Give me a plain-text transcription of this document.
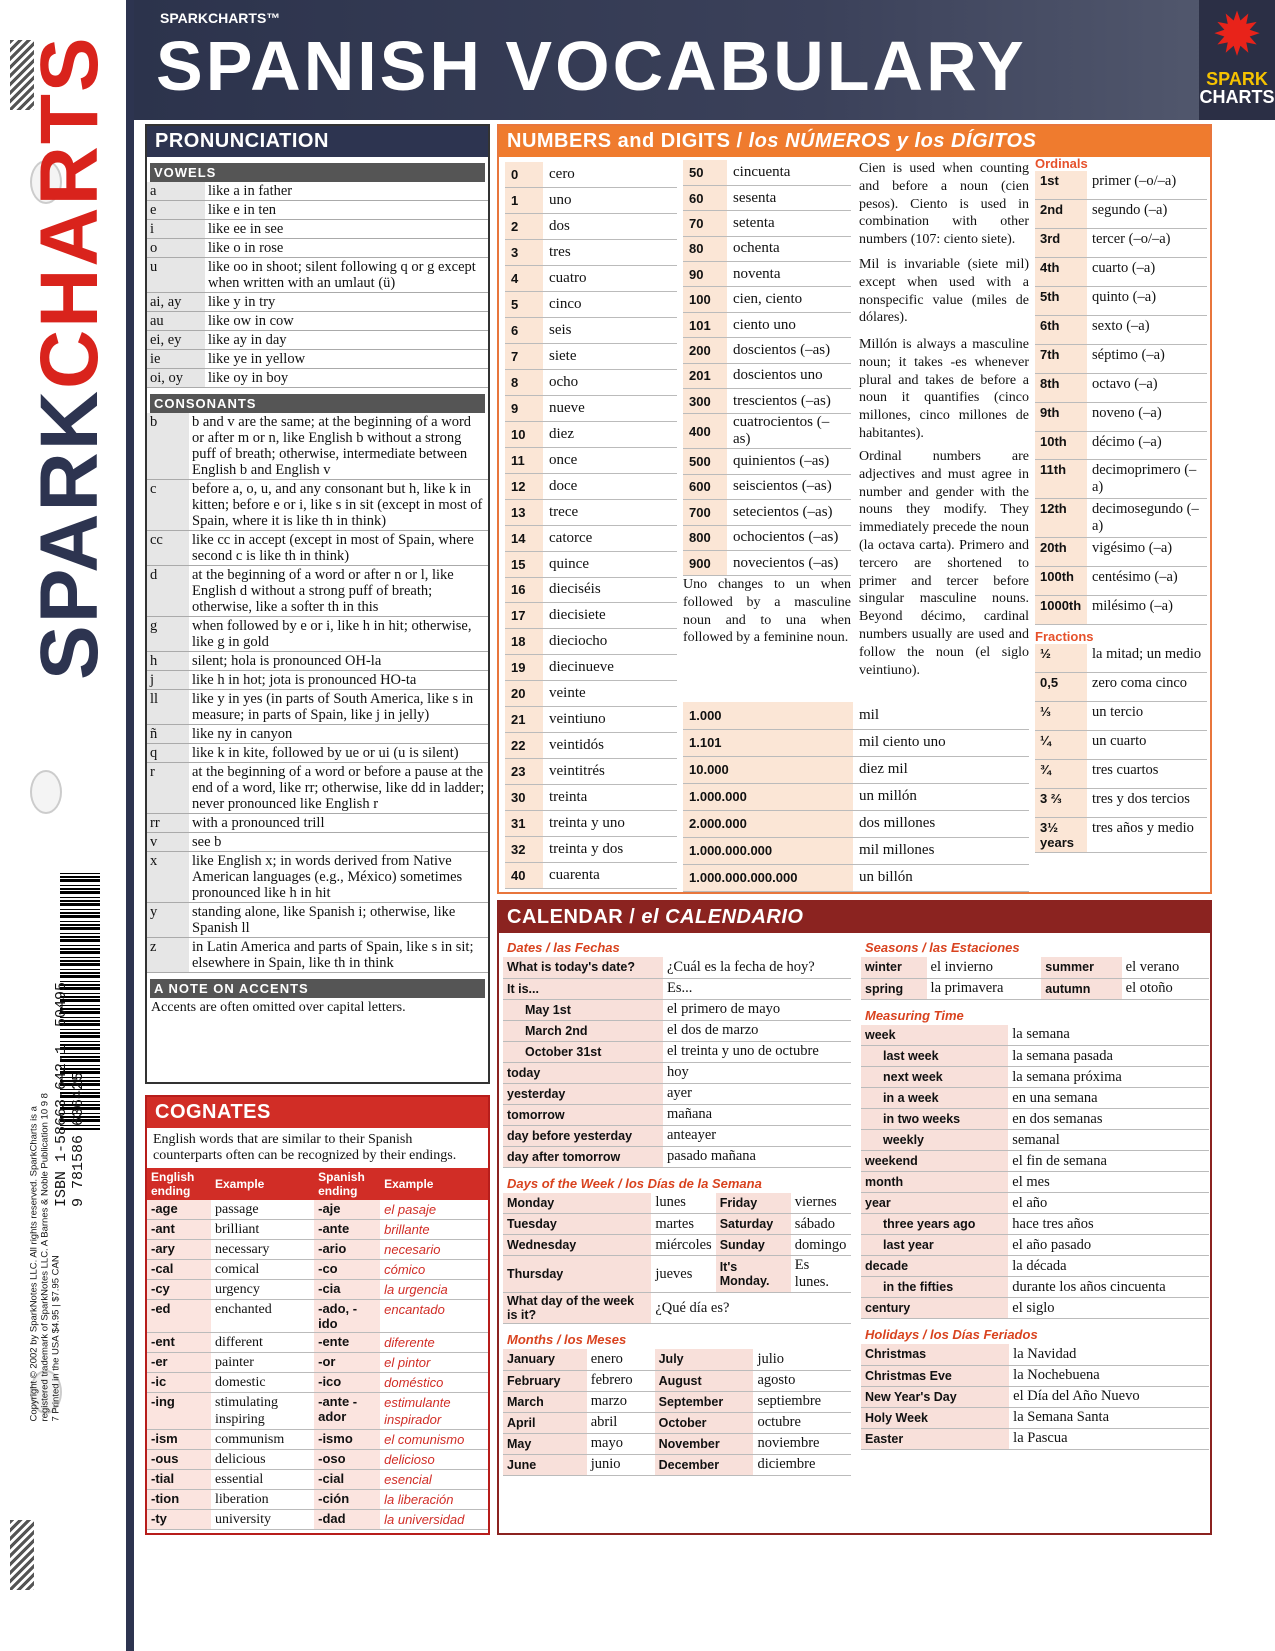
SPARKCHARTS
ISBN 1-58663-642-1  50495
9 781586 636425
Copyright © 2002 by SparkNotes LLC. All rights reserved. SparkCharts is a registered trademark of SparkNotes LLC. A Barnes & Noble Publication 10 9 8 7 Printed in the USA $4.95 | $7.95 CAN
SPARKCHARTS™
SPANISH VOCABULARY	✹
SPARK
CHARTS
PRONUNCIATION
VOWELS
a	like a in father
e	like e in ten
i	like ee in see
o	like o in rose
u	like oo in shoot; silent following q or g except when written with an umlaut (ü)
ai, ay	like y in try
au	like ow in cow
ei, ey	like ay in day
ie	like ye in yellow
oi, oy	like oy in boy
CONSONANTS
b	b and v are the same; at the beginning of a word or after m or n, like English b without a strong puff of breath; otherwise, intermediate between English b and English v
c	before a, o, u, and any consonant but h, like k in kitten; before e or i, like s in sit (except in most of Spain, where it is like th in think)
cc	like cc in accept (except in most of Spain, where second c is like th in think)
d	at the beginning of a word or after n or l, like English d without a strong puff of breath; otherwise, like a softer th in this
g	when followed by e or i, like h in hit; otherwise, like g in gold
h	silent; hola is pronounced OH-la
j	like h in hot; jota is pronounced HO-ta
ll	like y in yes (in parts of South America, like s in measure; in parts of Spain, like j in jelly)
ñ	like ny in canyon
q	like k in kite, followed by ue or ui (u is silent)
r	at the beginning of a word or before a pause at the end of a word, like rr; otherwise, like dd in ladder; never pronounced like English r
rr	with a pronounced trill
v	see b
x	like English x; in words derived from Native American languages (e.g., México) sometimes pronounced like h in hit
y	standing alone, like Spanish i; otherwise, like Spanish ll
z	in Latin America and parts of Spain, like s in sit; elsewhere in Spain, like th in think
A NOTE ON ACCENTS
Accents are often omitted over capital letters.
COGNATES
English words that are similar to their Spanish counterparts often can be recognized by their endings.
English ending	Example	Spanish ending	Example
-age	passage	-aje	el pasaje
-ant	brilliant	-ante	brillante
-ary	necessary	-ario	necesario
-cal	comical	-co	cómico
-cy	urgency	-cia	la urgencia
-ed	enchanted	-ado, -ido	encantado
-ent	different	-ente	diferente
-er	painter	-or	el pintor
-ic	domestic	-ico	doméstico
-ing	stimulating inspiring	-ante -ador	estimulante inspirador
-ism	communism	-ismo	el comunismo
-ous	delicious	-oso	delicioso
-tial	essential	-cial	esencial
-tion	liberation	-ción	la liberación
-ty	university	-dad	la universidad
NUMBERS and DIGITS / los NÚMEROS y los DÍGITOS
0	cero
1	uno
2	dos
3	tres
4	cuatro
5	cinco
6	seis
7	siete
8	ocho
9	nueve
10	diez
11	once
12	doce
13	trece
14	catorce
15	quince
16	dieciséis
17	diecisiete
18	dieciocho
19	diecinueve
20	veinte
21	veintiuno
22	veintidós
23	veintitrés
30	treinta
31	treinta y uno
32	treinta y dos
40	cuarenta
50	cincuenta
60	sesenta
70	setenta
80	ochenta
90	noventa
100	cien, ciento
101	ciento uno
200	doscientos (–as)
201	doscientos uno
300	trescientos (–as)
400	cuatrocientos (–as)
500	quinientos (–as)
600	seiscientos (–as)
700	setecientos (–as)
800	ochocientos (–as)
900	novecientos (–as)
Uno changes to un when followed by a masculine noun and to una when followed by a feminine noun.
Cien is used when counting and before a noun (cien pesos). Ciento is used in combination with other numbers (107: ciento siete).
Mil is invariable (siete mil) except when used with a nonspecific value (miles de dólares).
Millón is always a masculine noun; it takes -es whenever plural and takes de before a noun it quantifies (cinco millones, cinco millones de habitantes).
Ordinal numbers are adjectives and must agree in number and gender with the nouns they modify. They immediately precede the noun (la octava carta). Primero and tercero are shortened to primer and tercer before singular masculine nouns. Beyond décimo, cardinal numbers usually are used and follow the noun (el siglo veintiuno).
1.000	mil
1.101	mil ciento uno
10.000	diez mil
1.000.000	un millón
2.000.000	dos millones
1.000.000.000	mil millones
1.000.000.000.000	un billón
Ordinals
1st	primer (–o/–a)
2nd	segundo (–a)
3rd	tercer (–o/–a)
4th	cuarto (–a)
5th	quinto (–a)
6th	sexto (–a)
7th	séptimo (–a)
8th	octavo (–a)
9th	noveno (–a)
10th	décimo (–a)
11th	decimoprimero (–a)
12th	decimosegundo (–a)
20th	vigésimo (–a)
100th	centésimo (–a)
1000th	milésimo (–a)
Fractions
½	la mitad; un medio
0,5	zero coma cinco
⅓	un tercio
¼	un cuarto
¾	tres cuartos
3 ⅔	tres y dos tercios
3½ years	tres años y medio
CALENDAR / el CALENDARIO
Dates / las Fechas
What is today's date?	¿Cuál es la fecha de hoy?
It is...	Es...
May 1st	el primero de mayo
March 2nd	el dos de marzo
October 31st	el treinta y uno de octubre
today	hoy
yesterday	ayer
tomorrow	mañana
day before yesterday	anteayer
day after tomorrow	pasado mañana
Days of the Week / los Días de la Semana
Monday	lunes	Friday	viernes
Tuesday	martes	Saturday	sábado
Wednesday	miércoles	Sunday	domingo
Thursday	jueves	It's Monday.	Es lunes.
What day of the week is it?	¿Qué día es?		
Months / los Meses
January	enero	July	julio
February	febrero	August	agosto
March	marzo	September	septiembre
April	abril	October	octubre
May	mayo	November	noviembre
June	junio	December	diciembre
Seasons / las Estaciones
winter	el invierno	summer	el verano
spring	la primavera	autumn	el otoño
Measuring Time
week	la semana
last week	la semana pasada
next week	la semana próxima
in a week	en una semana
in two weeks	en dos semanas
weekly	semanal
weekend	el fin de semana
month	el mes
year	el año
three years ago	hace tres años
last year	el año pasado
decade	la década
in the fifties	durante los años cincuenta
century	el siglo
Holidays / los Días Feriados
Christmas	la Navidad
Christmas Eve	la Nochebuena
New Year's Day	el Día del Año Nuevo
Holy Week	la Semana Santa
Easter	la Pascua
